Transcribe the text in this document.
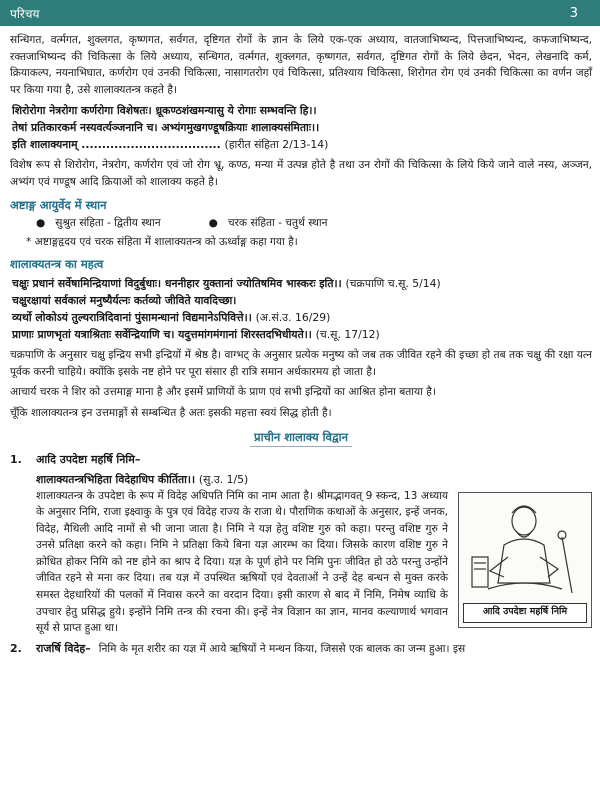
परिचय	3

सन्धिगत, वर्त्मगत, शुक्लगत, कृष्णगत, सर्वगत, दृष्टिगत रोगों के ज्ञान के लिये एक-एक अध्याय, वातजाभिष्यन्द, पित्तजाभिष्यन्द, कफजाभिष्यन्द, रक्तजाभिष्यन्द की चिकित्सा के लिये अध्याय, सन्धिगत, वर्त्मगत, शुक्लगत, कृष्णगत, सर्वगत, दृष्टिगत रोगों के लिये छेदन, भेदन, लेखनादि कर्म, क्रियाकल्प, नयनाभिघात, कर्णरोग एवं उनकी चिकित्सा, नासागतरोग एवं चिकित्सा, प्रतिश्याय चिकित्सा, शिरोगत रोग एवं उनकी चिकित्सा का वर्णन जहाँ पर किया गया है, उसे शालाक्यतन्त्र कहते है।

शिरोरोगा नेत्ररोगा कर्णरोगा विशेषतः। ध्रूकण्ठशंखमन्यासु ये रोगाः सम्भवन्ति हि।।
तेषां प्रतिकारकर्म नस्यवर्त्यञ्जनानि च। अभ्यंगमुखगण्डूषक्रियाः शालाक्यसंमिताः।।
इति शालाक्यनाम् .................................. (हारीत संहिता 2/13-14)

विशेष रूप से शिरोरोग, नेत्ररोग, कर्णरोग एवं जो रोग भ्रू, कण्ठ, मन्या में उत्पन्न होते है तथा उन रोगों की चिकित्सा के लिये किये जाने वाले नस्य, अञ्जन, अभ्यंग एवं गण्डूष आदि क्रियाओं को शालाक्य कहते है।

अष्टाङ्ग आयुर्वेद में स्थान
● सुश्रुत संहिता - द्वितीय स्थान	● चरक संहिता - चतुर्थ स्थान

* अष्टाङ्गहृदय एवं चरक संहिता में शालाक्यतन्त्र को ऊर्ध्वाङ्ग कहा गया है।

शालाक्यतन्त्र का महत्व
चक्षुः प्रधानं सर्वेषामिन्द्रियाणां विदुर्बुधाः। धननीहार युक्तानां ज्योतिषमिव भास्करः इति।। (चक्रपाणि च.सू. 5/14)
चक्षुरक्षायां सर्वकालं मनुष्यैर्यत्नः कर्तव्यो जीविते यावदिच्छा।
व्यर्थो लोकोऽयं तुल्यरात्रिदिवानां पुंसामन्धानां विद्यमानेऽपिवित्ते।। (अ.सं.उ. 16/29)
प्राणाः प्राणभृतां यत्राश्रिताः सर्वेन्द्रियाणि च। यदुत्तमांगमंगानां शिरस्तदभिधीयते।। (च.सू. 17/12)

चक्रपाणि के अनुसार चक्षु इन्द्रिय सभी इन्द्रियों में श्रेष्ठ है। वाग्भट् के अनुसार प्रत्येक मनुष्य को जब तक जीवित रहने की इच्छा हो तब तक चक्षु की रक्षा यत्न पूर्वक करनी चाहिये। क्योंकि इसके नष्ट होने पर पूरा संसार ही रात्रि समान अर्धकारमय हो जाता है।

आचार्य चरक ने शिर को उत्तमाङ्ग माना है और इसमें प्राणियों के प्राण एवं सभी इन्द्रियों का आश्रित होना बताया है।

चूँकि शालाक्यतन्त्र इन उत्तमाङ्गों से सम्बन्धित है अतः इसकी महत्ता स्वयं सिद्ध होती है।

प्राचीन शालाक्य विद्वान
1.	आदि उपदेष्टा महर्षि निमि–
शालाक्यतन्त्रभिहिता विदेहाधिप कीर्तिता।। (सु.उ. 1/5)
आदि उपदेष्टा महर्षि निमि

शालाक्यतन्त्र के उपदेष्टा के रूप में विदेह अधिपति निमि का नाम आता है। श्रीमद्भागवत् 9 स्कन्द, 13 अध्याय के अनुसार निमि, राजा इक्ष्वाकु के पुत्र एवं विदेह राज्य के राजा थे। पौराणिक कथाओं के अनुसार, इन्हें जनक, विदेह, मैथिली आदि नामों से भी जाना जाता है। निमि ने यज्ञ हेतु वशिष्ट गुरु को कहा। परन्तु वशिष्ट गुरु ने उनसे प्रतिक्षा करने को कहा। निमि ने प्रतिक्षा किये बिना यज्ञ आरम्भ का दिया। जिसके कारण वशिष्ट गुरु ने क्रोधित होकर निमि को नष्ट होने का श्राप दे दिया। यज्ञ के पूर्ण होने पर निमि पुनः जीवित हो उठे परन्तु उन्होंने जीवित रहने से मना कर दिया। तब यज्ञ में उपस्थित ऋषियों एवं देवताओं ने उन्हें देह बन्धन से मुक्त करके समस्त देहधारियों की पलकों में निवास करने का वरदान दिया। इसी कारण से बाद में निमि, निमेष व्याधि के उपचार हेतु प्रसिद्ध हुये। इन्होंने निमि तन्त्र की रचना की। इन्हें नेत्र विज्ञान का ज्ञान, मानव कल्याणार्थ भगवान सूर्य से प्राप्त हुआ था।

2.	राजर्षि विदेह– निमि के मृत शरीर का यज्ञ में आये ऋषियों ने मन्थन किया, जिससे एक बालक का जन्म हुआ। इस
